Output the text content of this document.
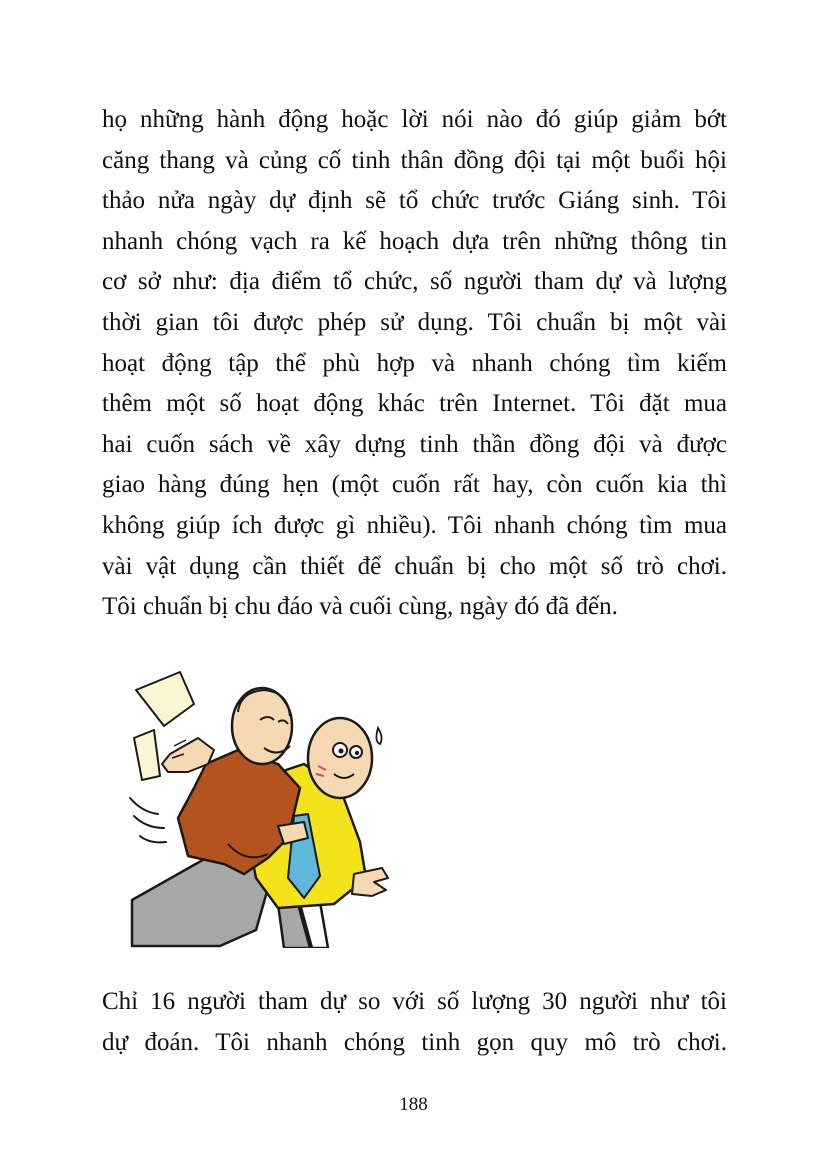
họ những hành động hoặc lời nói nào đó giúp giảm bớt
căng thang và củng cố tinh thân đồng đội tại một buổi hội
thảo nửa ngày dự định sẽ tổ chức trước Giáng sinh. Tôi
nhanh chóng vạch ra kế hoạch dựa trên những thông tin
cơ sở như: địa điểm tổ chức, số người tham dự và lượng
thời gian tôi được phép sử dụng. Tôi chuẩn bị một vài
hoạt động tập thể phù hợp và nhanh chóng tìm kiếm
thêm một số hoạt động khác trên Internet. Tôi đặt mua
hai cuốn sách về xây dựng tinh thần đồng đội và được
giao hàng đúng hẹn (một cuốn rất hay, còn cuốn kia thì
không giúp ích được gì nhiều). Tôi nhanh chóng tìm mua
vài vật dụng cần thiết để chuẩn bị cho một số trò chơi.
Tôi chuẩn bị chu đáo và cuối cùng, ngày đó đã đến.
Chỉ 16 người tham dự so với số lượng 30 người như tôi
dự đoán. Tôi nhanh chóng tinh gọn quy mô trò chơi.
188
